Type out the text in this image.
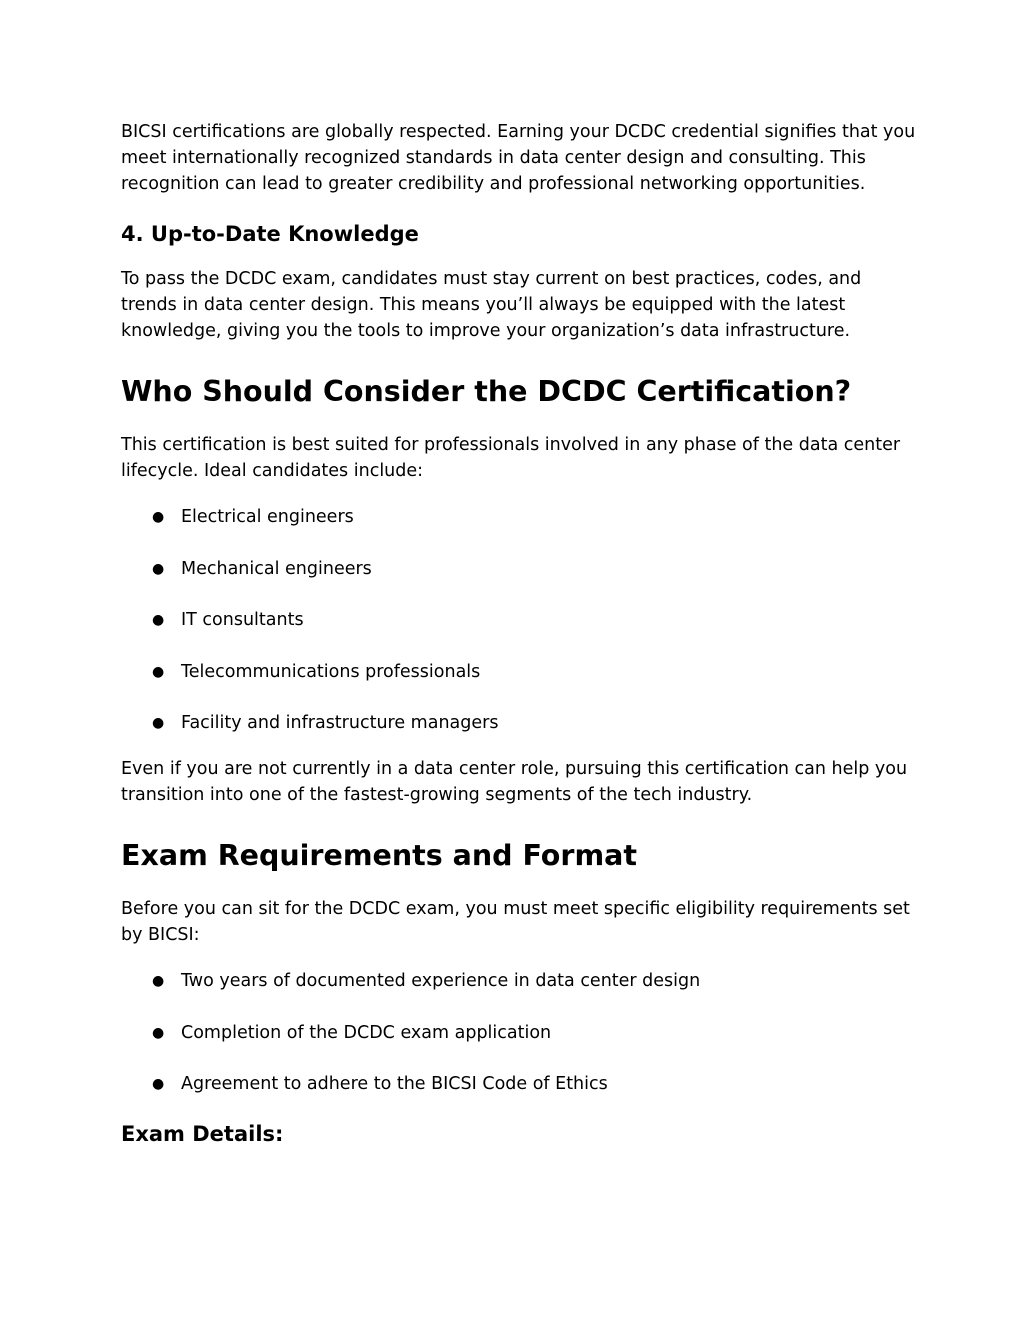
BICSI certifications are globally respected. Earning your DCDC credential signifies that you meet internationally recognized standards in data center design and consulting. This recognition can lead to greater credibility and professional networking opportunities.

4. Up-to-Date Knowledge

To pass the DCDC exam, candidates must stay current on best practices, codes, and trends in data center design. This means you’ll always be equipped with the latest knowledge, giving you the tools to improve your organization’s data infrastructure.

Who Should Consider the DCDC Certification?

This certification is best suited for professionals involved in any phase of the data center lifecycle. Ideal candidates include:

● Electrical engineers
● Mechanical engineers
● IT consultants
● Telecommunications professionals
● Facility and infrastructure managers

Even if you are not currently in a data center role, pursuing this certification can help you transition into one of the fastest-growing segments of the tech industry.

Exam Requirements and Format

Before you can sit for the DCDC exam, you must meet specific eligibility requirements set by BICSI:

● Two years of documented experience in data center design
● Completion of the DCDC exam application
● Agreement to adhere to the BICSI Code of Ethics
Exam Details:
